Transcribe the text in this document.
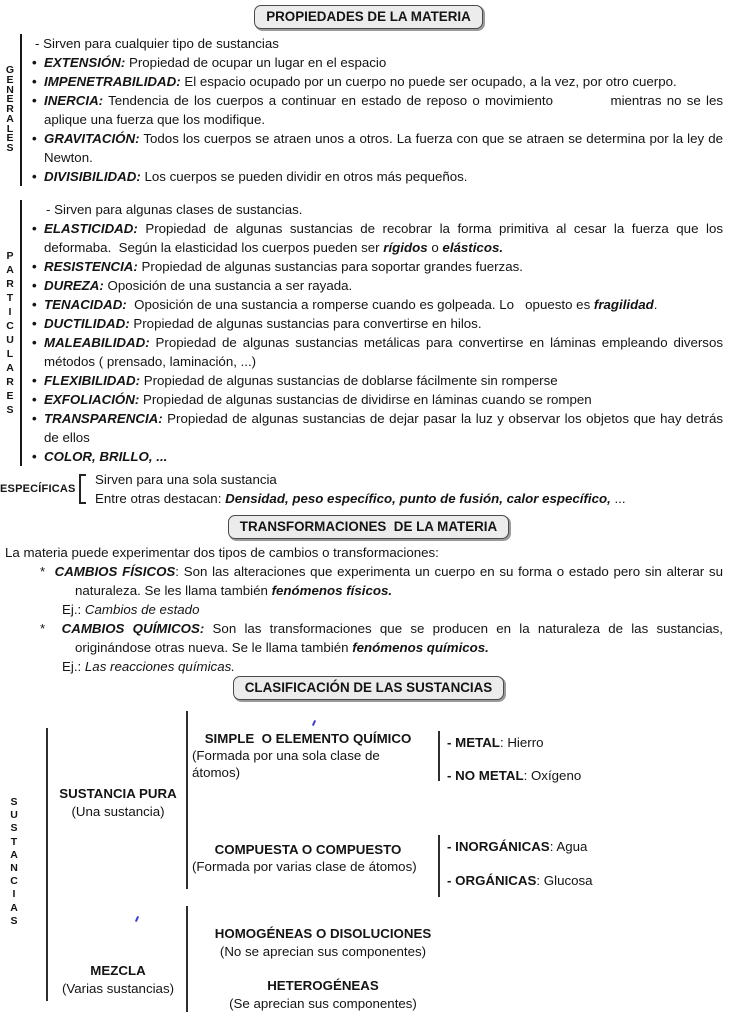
PROPIEDADES DE LA MATERIA
G
E
N
E
R
A
L
E
S
- Sirven para cualquier tipo de sustancias
• EXTENSIÓN: Propiedad de ocupar un lugar en el espacio
• IMPENETRABILIDAD: El espacio ocupado por un cuerpo no puede ser ocupado, a la vez, por otro cuerpo.
• INERCIA: Tendencia de los cuerpos a continuar en estado de reposo o movimiento           mientras no se les aplique una fuerza que los modifique.
• GRAVITACIÓN: Todos los cuerpos se atraen unos a otros. La fuerza con que se atraen se determina por la ley de Newton.
• DIVISIBILIDAD: Los cuerpos se pueden dividir en otros más pequeños.
P
A
R
T
I
C
U
L
A
R
E
S
- Sirven para algunas clases de sustancias.
• ELASTICIDAD: Propiedad de algunas sustancias de recobrar la forma primitiva al cesar la fuerza que los deformaba.  Según la elasticidad los cuerpos pueden ser rígidos o elásticos.
• RESISTENCIA: Propiedad de algunas sustancias para soportar grandes fuerzas.
• DUREZA: Oposición de una sustancia a ser rayada.
• TENACIDAD:  Oposición de una sustancia a romperse cuando es golpeada. Lo   opuesto es fragilidad.
• DUCTILIDAD: Propiedad de algunas sustancias para convertirse en hilos.
• MALEABILIDAD: Propiedad de algunas sustancias metálicas para convertirse en láminas empleando diversos métodos ( prensado, laminación, ...)
• FLEXIBILIDAD: Propiedad de algunas sustancias de doblarse fácilmente sin romperse
• EXFOLIACIÓN: Propiedad de algunas sustancias de dividirse en láminas cuando se rompen
• TRANSPARENCIA: Propiedad de algunas sustancias de dejar pasar la luz y observar los objetos que hay detrás de ellos
• COLOR, BRILLO, ...
ESPECÍFICAS
Sirven para una sola sustancia
Entre otras destacan: Densidad, peso específico, punto de fusión, calor específico, ...
TRANSFORMACIONES  DE LA MATERIA
La materia puede experimentar dos tipos de cambios o transformaciones:
*  CAMBIOS FÍSICOS: Son las alteraciones que experimenta un cuerpo en su forma o estado pero sin alterar su naturaleza. Se les llama también fenómenos físicos.
Ej.: Cambios de estado
*  CAMBIOS QUÍMICOS: Son las transformaciones que se producen en la naturaleza de las sustancias, originándose otras nueva. Se le llama también fenómenos químicos.
Ej.: Las reacciones químicas.
CLASIFICACIÓN DE LAS SUSTANCIAS
S
U
S
T
A
N
C
I
A
S
SUSTANCIA PURA
(Una sustancia)
SIMPLE  O ELEMENTO QUÍMICO
(Formada por una sola clase de átomos)
- METAL: Hierro
- NO METAL: Oxígeno
COMPUESTA O COMPUESTO
(Formada por varias clase de átomos)
- INORGÁNICAS: Agua
- ORGÁNICAS: Glucosa
MEZCLA
(Varias sustancias)
HOMOGÉNEAS O DISOLUCIONES
(No se aprecian sus componentes)
HETEROGÉNEAS
(Se aprecian sus componentes)
